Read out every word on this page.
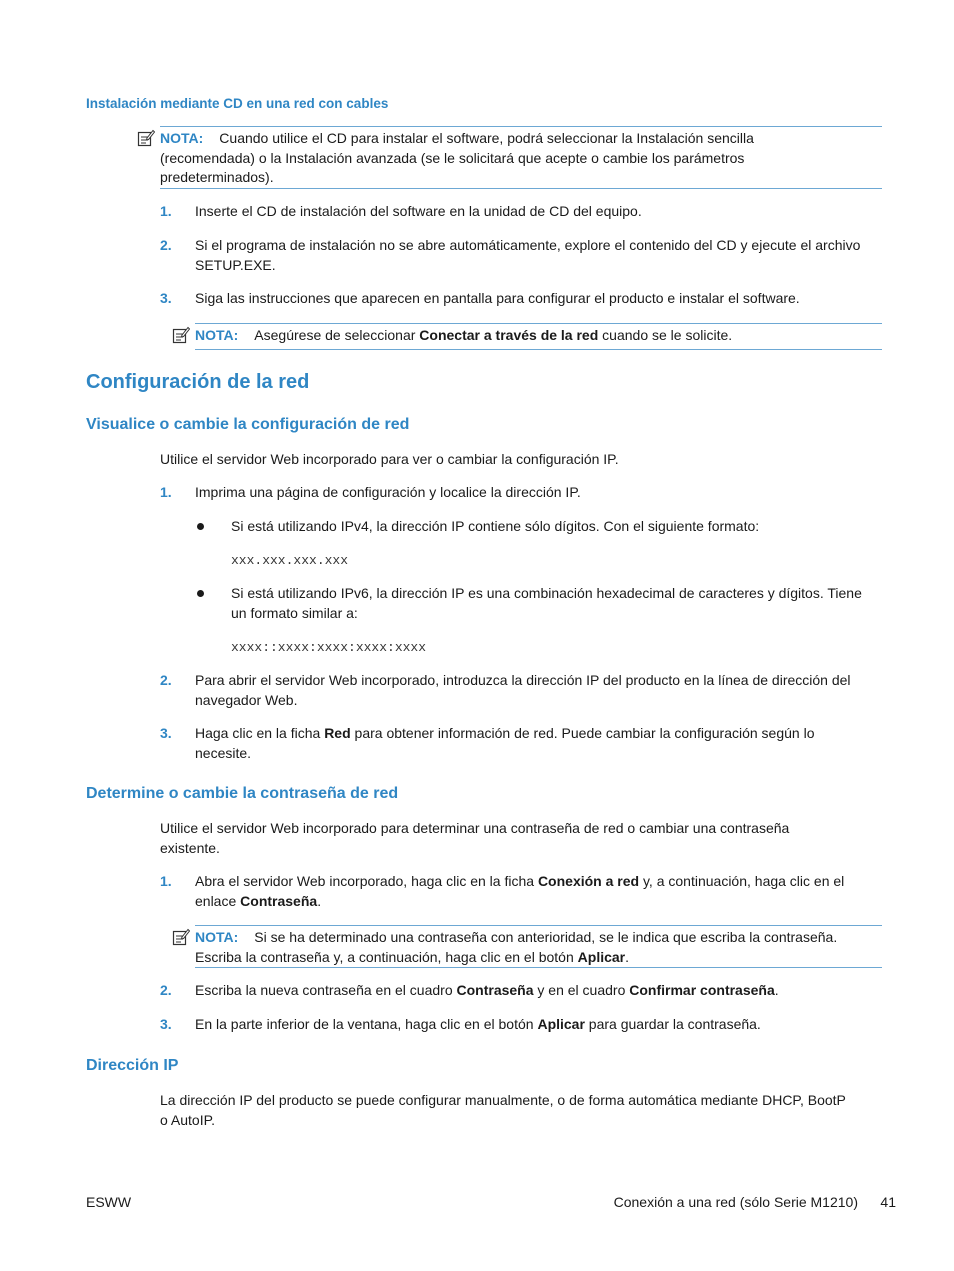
Instalación mediante CD en una red con cables
NOTA: Cuando utilice el CD para instalar el software, podrá seleccionar la Instalación sencilla (recomendada) o la Instalación avanzada (se le solicitará que acepte o cambie los parámetros predeterminados).
1. Inserte el CD de instalación del software en la unidad de CD del equipo.
2. Si el programa de instalación no se abre automáticamente, explore el contenido del CD y ejecute el archivo SETUP.EXE.
3. Siga las instrucciones que aparecen en pantalla para configurar el producto e instalar el software.
NOTA: Asegúrese de seleccionar Conectar a través de la red cuando se le solicite.
Configuración de la red
Visualice o cambie la configuración de red
Utilice el servidor Web incorporado para ver o cambiar la configuración IP.
1. Imprima una página de configuración y localice la dirección IP.
Si está utilizando IPv4, la dirección IP contiene sólo dígitos. Con el siguiente formato:
xxx.xxx.xxx.xxx
Si está utilizando IPv6, la dirección IP es una combinación hexadecimal de caracteres y dígitos. Tiene un formato similar a:
xxxx::xxxx:xxxx:xxxx:xxxx
2. Para abrir el servidor Web incorporado, introduzca la dirección IP del producto en la línea de dirección del navegador Web.
3. Haga clic en la ficha Red para obtener información de red. Puede cambiar la configuración según lo necesite.
Determine o cambie la contraseña de red
Utilice el servidor Web incorporado para determinar una contraseña de red o cambiar una contraseña existente.
1. Abra el servidor Web incorporado, haga clic en la ficha Conexión a red y, a continuación, haga clic en el enlace Contraseña.
NOTA: Si se ha determinado una contraseña con anterioridad, se le indica que escriba la contraseña. Escriba la contraseña y, a continuación, haga clic en el botón Aplicar.
2. Escriba la nueva contraseña en el cuadro Contraseña y en el cuadro Confirmar contraseña.
3. En la parte inferior de la ventana, haga clic en el botón Aplicar para guardar la contraseña.
Dirección IP
La dirección IP del producto se puede configurar manualmente, o de forma automática mediante DHCP, BootP o AutoIP.
ESWW	Conexión a una red (sólo Serie M1210) 41
